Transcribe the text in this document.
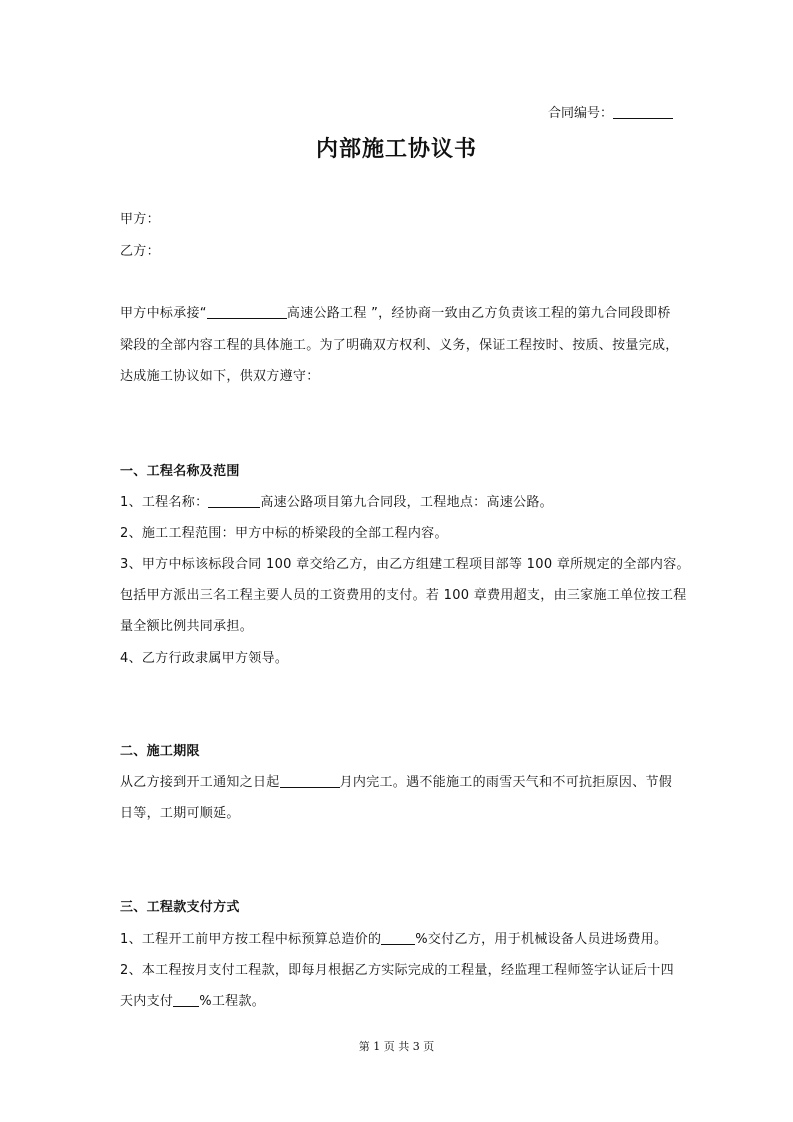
合同编号：
内部施工协议书
甲方：
乙方：
甲方中标承接“	高速公路工程 ”，经协商一致由乙方负责该工程的第九合同段即桥
梁段的全部内容工程的具体施工。为了明确双方权利、义务，保证工程按时、按质、按量完成，
达成施工协议如下，供双方遵守：
一、工程名称及范围
1、工程名称：	高速公路项目第九合同段，工程地点：高速公路。
2、施工工程范围：甲方中标的桥梁段的全部工程内容。
3、甲方中标该标段合同 100 章交给乙方，由乙方组建工程项目部等 100 章所规定的全部内容。
包括甲方派出三名工程主要人员的工资费用的支付。若 100 章费用超支，由三家施工单位按工程
量全额比例共同承担。
4、乙方行政隶属甲方领导。
二、施工期限
从乙方接到开工通知之日起	月内完工。遇不能施工的雨雪天气和不可抗拒原因、节假
日等，工期可顺延。
三、工程款支付方式
1、工程开工前甲方按工程中标预算总造价的	%交付乙方，用于机械设备人员进场费用。
2、本工程按月支付工程款，即每月根据乙方实际完成的工程量，经监理工程师签字认证后十四
天内支付 %工程款。
第 1 页 共 3 页
